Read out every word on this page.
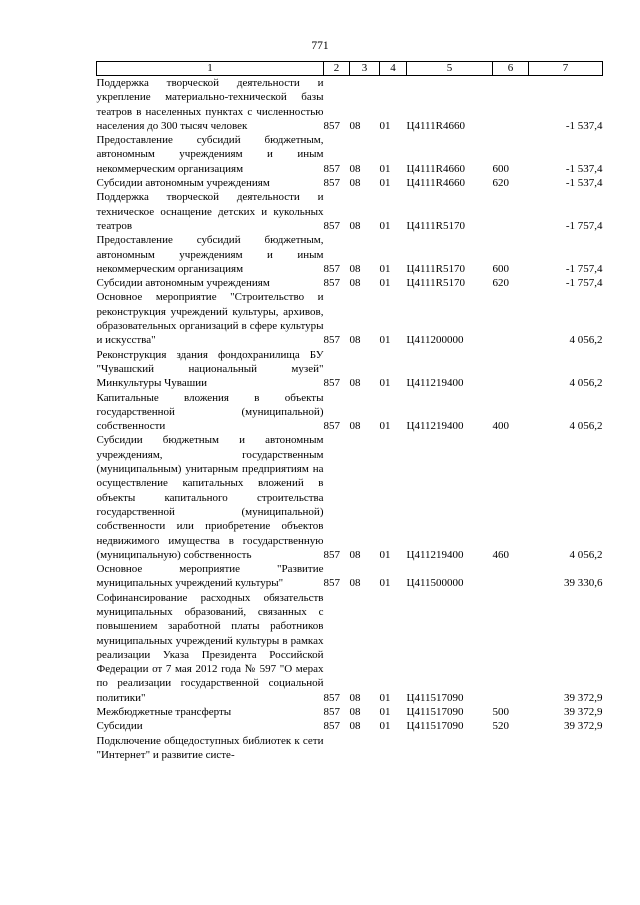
771
1	2	3	4	5	6	7
Поддержка творческой деятельности и укрепление материально-технической базы театров в населенных пунктах с численностью населения до 300 тысяч человек	857	08	01	Ц4111R4660		-1 537,4
Предоставление субсидий бюджетным, автономным учреждениям и иным некоммерческим организациям	857	08	01	Ц4111R4660	600	-1 537,4
Субсидии автономным учреждениям	857	08	01	Ц4111R4660	620	-1 537,4
Поддержка творческой деятельности и техническое оснащение детских и кукольных театров	857	08	01	Ц4111R5170		-1 757,4
Предоставление субсидий бюджетным, автономным учреждениям и иным некоммерческим организациям	857	08	01	Ц4111R5170	600	-1 757,4
Субсидии автономным учреждениям	857	08	01	Ц4111R5170	620	-1 757,4
Основное мероприятие "Строительство и реконструкция учреждений культуры, архивов, образовательных организаций в сфере культуры и искусства"	857	08	01	Ц411200000		4 056,2
Реконструкция здания фондохранилища БУ "Чувашский национальный музей" Минкультуры Чувашии	857	08	01	Ц411219400		4 056,2
Капитальные вложения в объекты государственной (муниципальной) собственности	857	08	01	Ц411219400	400	4 056,2
Субсидии бюджетным и автономным учреждениям, государственным (муниципальным) унитарным предприятиям на осуществление капитальных вложений в объекты капитального строительства государственной (муниципальной) собственности или приобретение объектов недвижимого имущества в государственную (муниципальную) собственность	857	08	01	Ц411219400	460	4 056,2
Основное мероприятие "Развитие муниципальных учреждений культуры"	857	08	01	Ц411500000		39 330,6
Софинансирование расходных обязательств муниципальных образований, связанных с повышением заработной платы работников муниципальных учреждений культуры в рамках реализации Указа Президента Российской Федерации от 7 мая 2012 года № 597 "О мерах по реализации государственной социальной политики"	857	08	01	Ц411517090		39 372,9
Межбюджетные трансферты	857	08	01	Ц411517090	500	39 372,9
Субсидии	857	08	01	Ц411517090	520	39 372,9
Подключение общедоступных библиотек к сети "Интернет" и развитие систе-						
